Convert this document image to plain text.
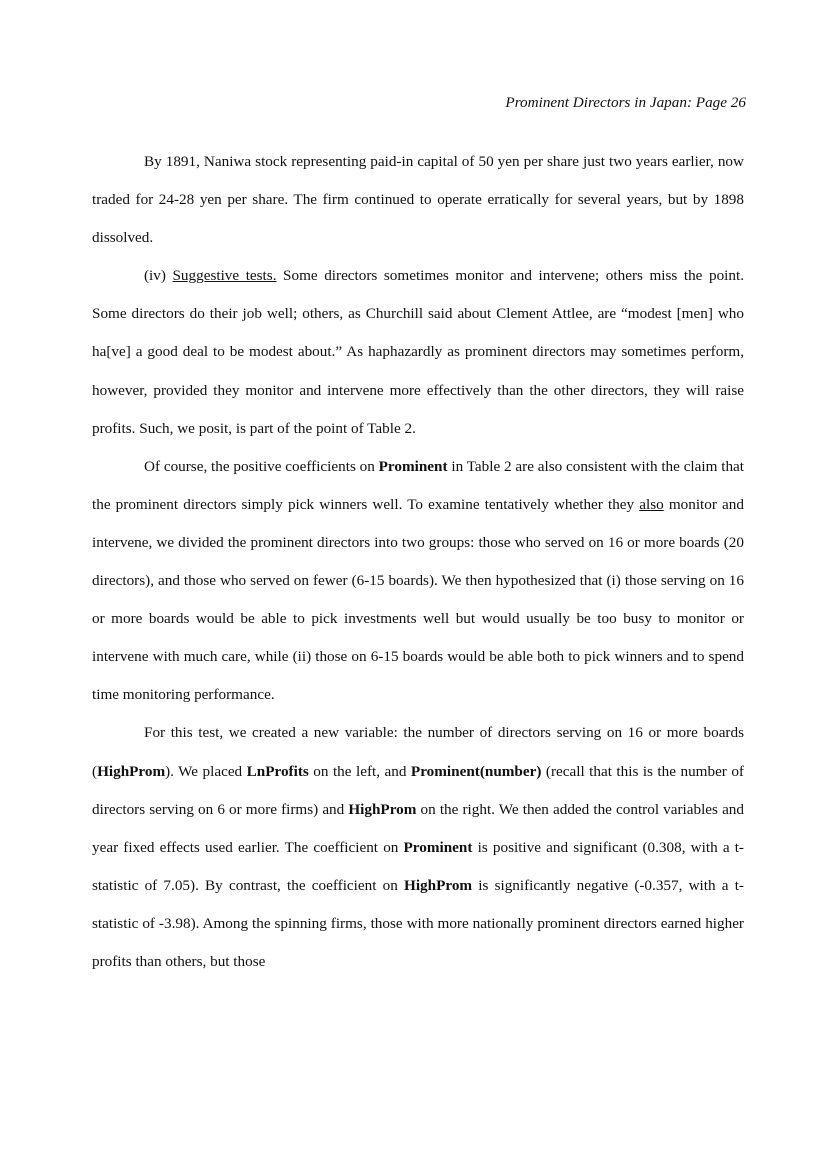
Prominent Directors in Japan: Page 26

By 1891, Naniwa stock representing paid-in capital of 50 yen per share just two years earlier, now traded for 24-28 yen per share. The firm continued to operate erratically for several years, but by 1898 dissolved.

(iv) Suggestive tests. Some directors sometimes monitor and intervene; others miss the point. Some directors do their job well; others, as Churchill said about Clement Attlee, are “modest [men] who ha[ve] a good deal to be modest about.” As haphazardly as prominent directors may sometimes perform, however, provided they monitor and intervene more effectively than the other directors, they will raise profits. Such, we posit, is part of the point of Table 2.

Of course, the positive coefficients on Prominent in Table 2 are also consistent with the claim that the prominent directors simply pick winners well. To examine tentatively whether they also monitor and intervene, we divided the prominent directors into two groups: those who served on 16 or more boards (20 directors), and those who served on fewer (6-15 boards). We then hypothesized that (i) those serving on 16 or more boards would be able to pick investments well but would usually be too busy to monitor or intervene with much care, while (ii) those on 6-15 boards would be able both to pick winners and to spend time monitoring performance.

For this test, we created a new variable: the number of directors serving on 16 or more boards (HighProm). We placed LnProfits on the left, and Prominent(number) (recall that this is the number of directors serving on 6 or more firms) and HighProm on the right. We then added the control variables and year fixed effects used earlier. The coefficient on Prominent is positive and significant (0.308, with a t-statistic of 7.05). By contrast, the coefficient on HighProm is significantly negative (-0.357, with a t-statistic of -3.98). Among the spinning firms, those with more nationally prominent directors earned higher profits than others, but those
